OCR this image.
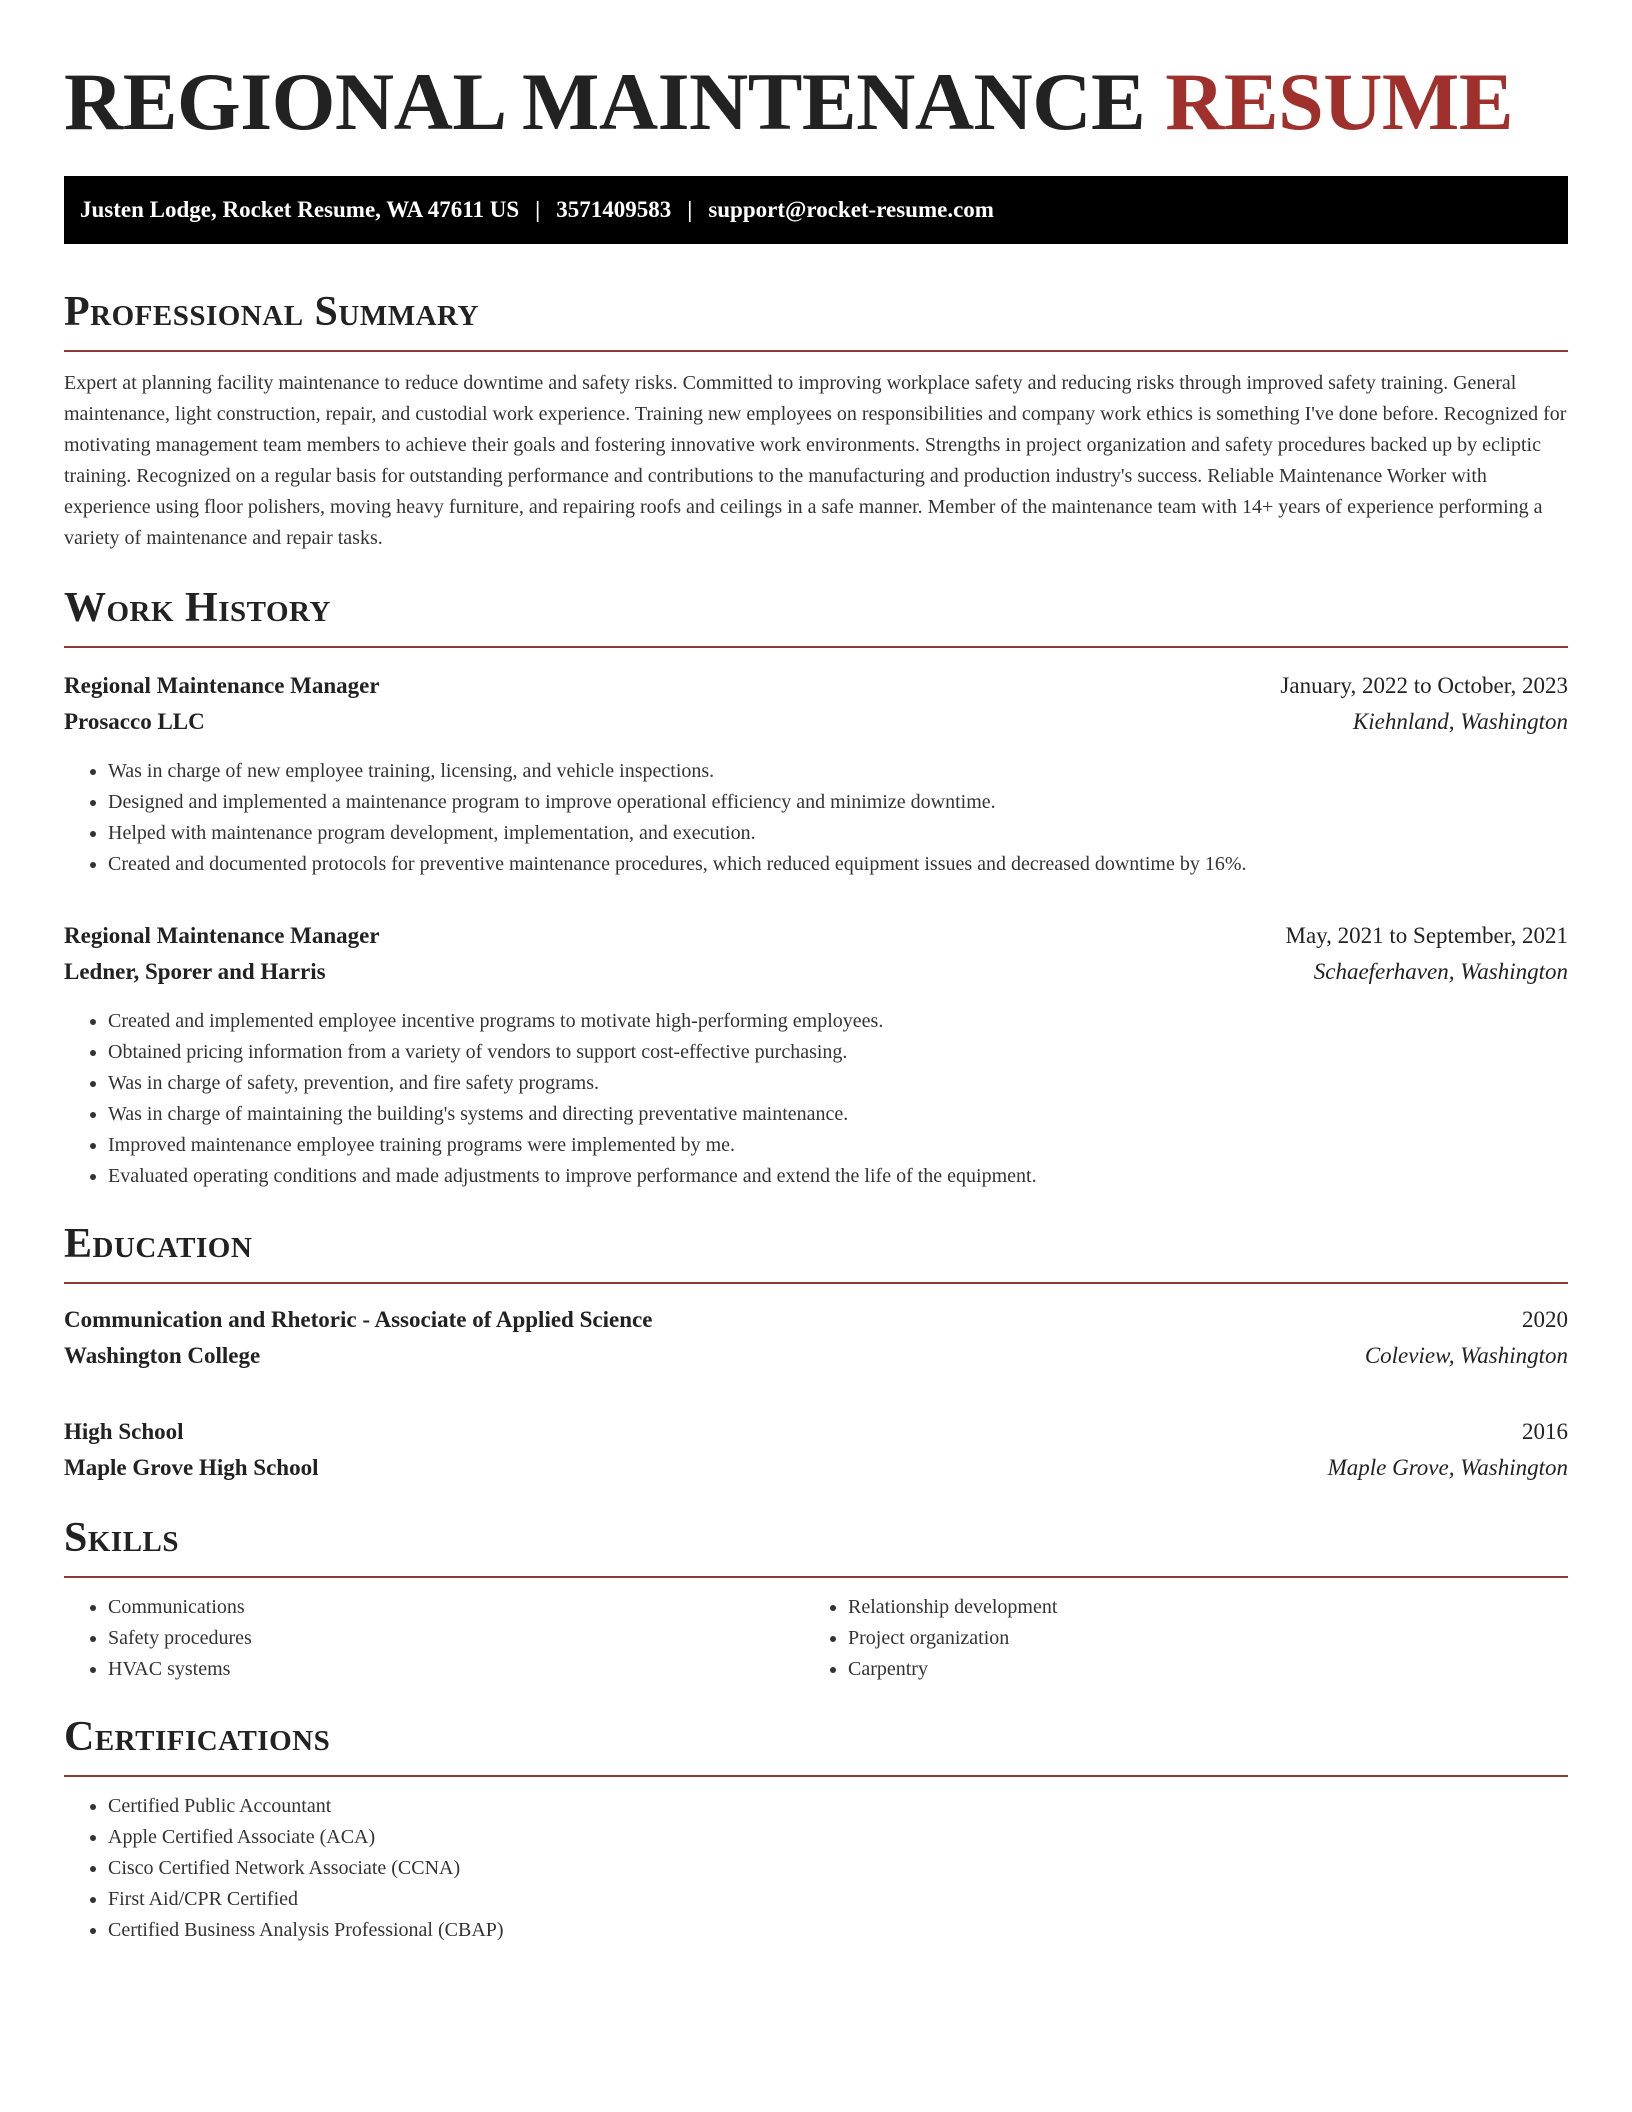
REGIONAL MAINTENANCE RESUME
Justen Lodge, Rocket Resume, WA 47611 US | 3571409583 | support@rocket-resume.com
Professional Summary

Expert at planning facility maintenance to reduce downtime and safety risks. Committed to improving workplace safety and reducing risks through improved safety training. General maintenance, light construction, repair, and custodial work experience. Training new employees on responsibilities and company work ethics is something I've done before. Recognized for motivating management team members to achieve their goals and fostering innovative work environments. Strengths in project organization and safety procedures backed up by ecliptic training. Recognized on a regular basis for outstanding performance and contributions to the manufacturing and production industry's success. Reliable Maintenance Worker with experience using floor polishers, moving heavy furniture, and repairing roofs and ceilings in a safe manner. Member of the maintenance team with 14+ years of experience performing a variety of maintenance and repair tasks.

Work History
Regional Maintenance Manager	January, 2022 to October, 2023
Prosacco LLC	Kiehnland, Washington
• Was in charge of new employee training, licensing, and vehicle inspections.
• Designed and implemented a maintenance program to improve operational efficiency and minimize downtime.
• Helped with maintenance program development, implementation, and execution.
• Created and documented protocols for preventive maintenance procedures, which reduced equipment issues and decreased downtime by 16%.
Regional Maintenance Manager	May, 2021 to September, 2021
Ledner, Sporer and Harris	Schaeferhaven, Washington
• Created and implemented employee incentive programs to motivate high-performing employees.
• Obtained pricing information from a variety of vendors to support cost-effective purchasing.
• Was in charge of safety, prevention, and fire safety programs.
• Was in charge of maintaining the building's systems and directing preventative maintenance.
• Improved maintenance employee training programs were implemented by me.
• Evaluated operating conditions and made adjustments to improve performance and extend the life of the equipment.
Education
Communication and Rhetoric - Associate of Applied Science	2020
Washington College	Coleview, Washington
High School	2016
Maple Grove High School	Maple Grove, Washington
Skills
• Communications
• Safety procedures
• HVAC systems
• Relationship development
• Project organization
• Carpentry
Certifications
• Certified Public Accountant
• Apple Certified Associate (ACA)
• Cisco Certified Network Associate (CCNA)
• First Aid/CPR Certified
• Certified Business Analysis Professional (CBAP)
